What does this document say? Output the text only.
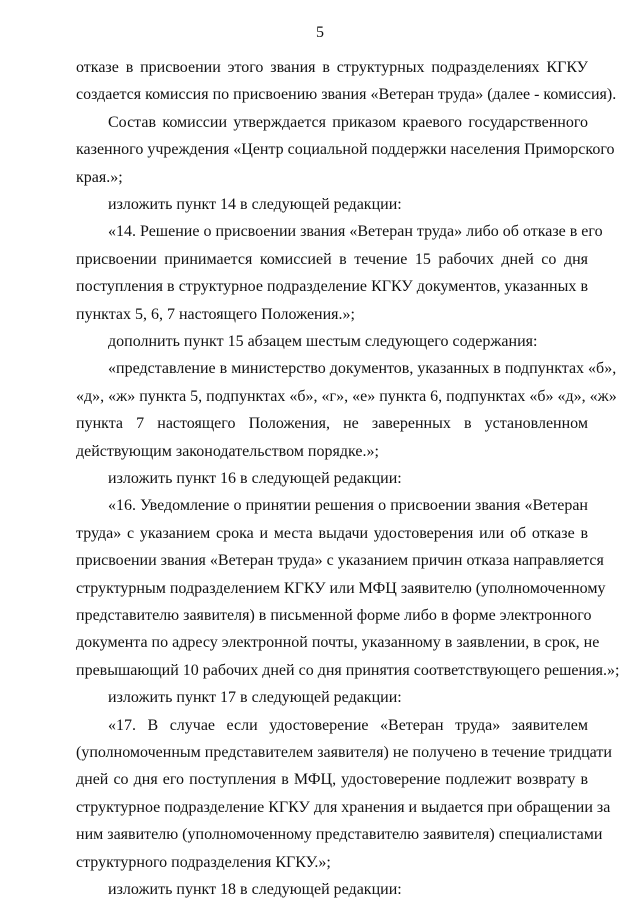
5
отказе в присвоении этого звания в структурных подразделениях КГКУ
создается комиссия по присвоению звания «Ветеран труда» (далее - комиссия).
Состав комиссии утверждается приказом краевого государственного
казенного учреждения «Центр социальной поддержки населения Приморского
края.»;
изложить пункт 14 в следующей редакции:
«14. Решение о присвоении звания «Ветеран труда» либо об отказе в его
присвоении принимается комиссией в течение 15 рабочих дней со дня
поступления в структурное подразделение КГКУ документов, указанных в
пунктах 5, 6, 7 настоящего Положения.»;
дополнить пункт 15 абзацем шестым следующего содержания:
«представление в министерство документов, указанных в подпунктах «б»,
«д», «ж» пункта 5, подпунктах «б», «г», «е» пункта 6, подпунктах «б» «д», «ж»
пункта 7 настоящего Положения, не заверенных в установленном
действующим законодательством порядке.»;
изложить пункт 16 в следующей редакции:
«16. Уведомление о принятии решения о присвоении звания «Ветеран
труда» с указанием срока и места выдачи удостоверения или об отказе в
присвоении звания «Ветеран труда» с указанием причин отказа направляется
структурным подразделением КГКУ или МФЦ заявителю (уполномоченному
представителю заявителя) в письменной форме либо в форме электронного
документа по адресу электронной почты, указанному в заявлении, в срок, не
превышающий 10 рабочих дней со дня принятия соответствующего решения.»;
изложить пункт 17 в следующей редакции:
«17. В случае если удостоверение «Ветеран труда» заявителем
(уполномоченным представителем заявителя) не получено в течение тридцати
дней со дня его поступления в МФЦ, удостоверение подлежит возврату в
структурное подразделение КГКУ для хранения и выдается при обращении за
ним заявителю (уполномоченному представителю заявителя) специалистами
структурного подразделения КГКУ.»;
изложить пункт 18 в следующей редакции:
